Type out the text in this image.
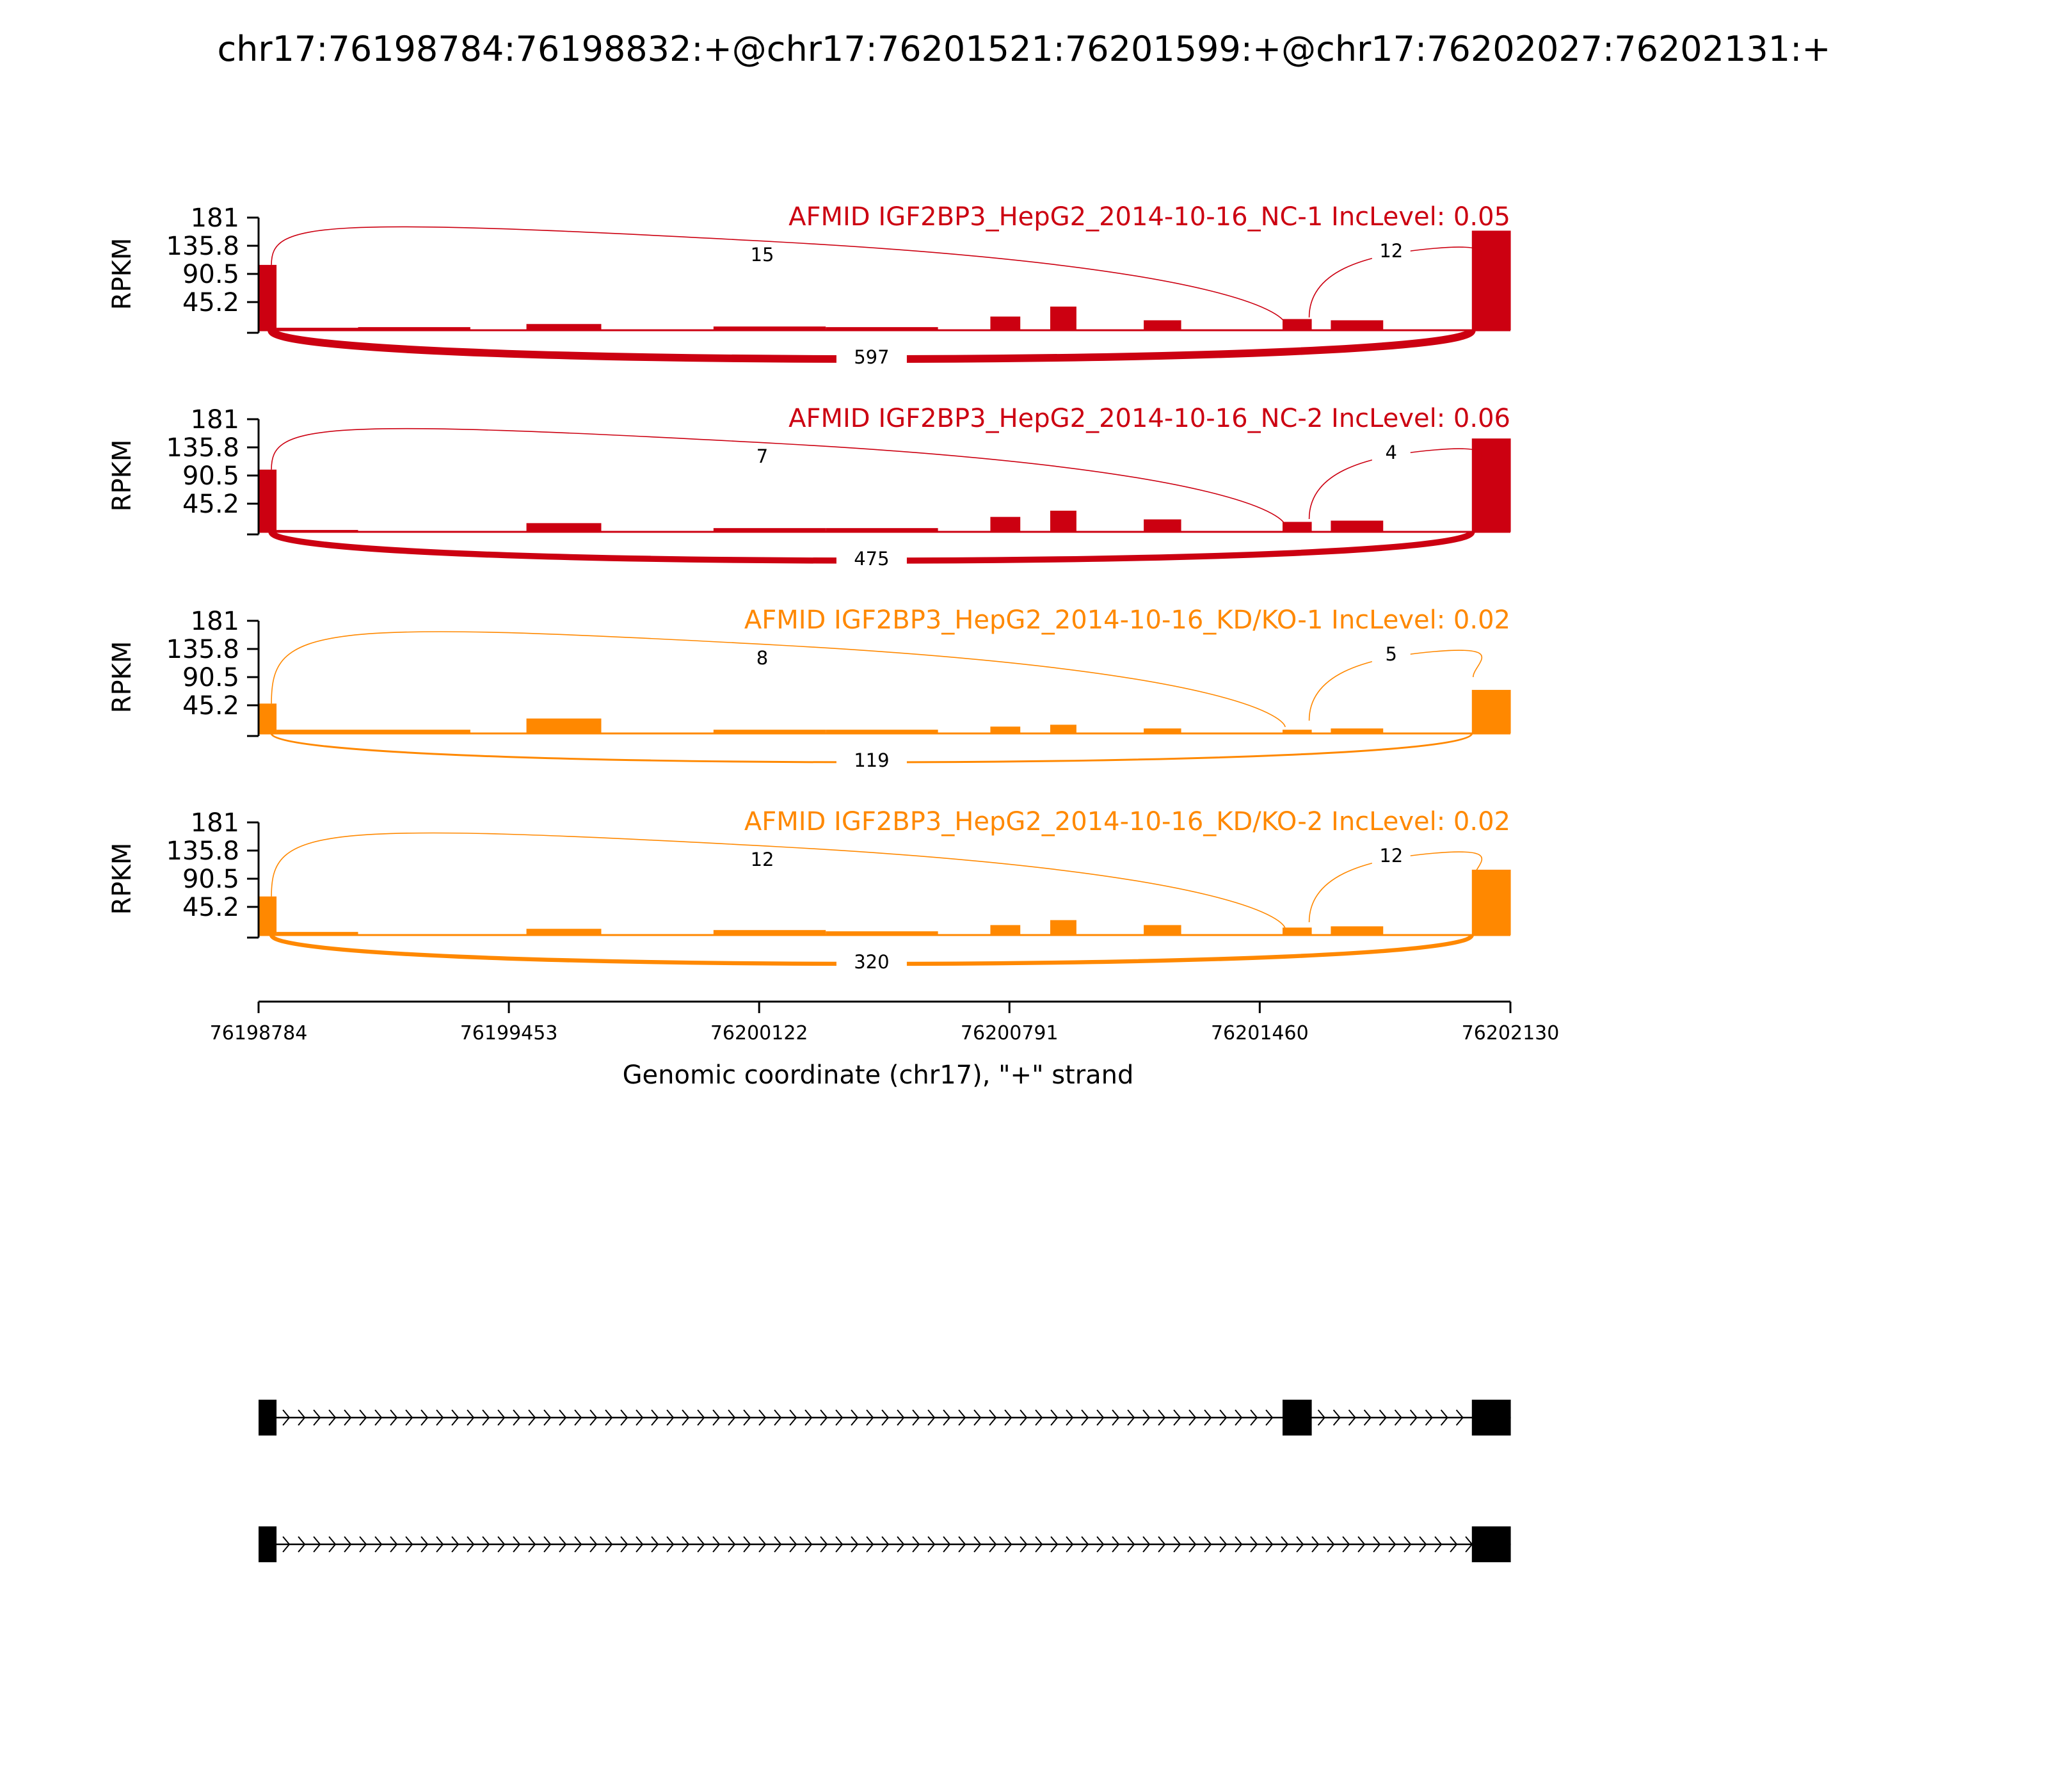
chr17:76198784:76198832:+@chr17:76201521:76201599:+@chr17:76202027:76202131:+
181
135.8
90.5
45.2
RPKM
AFMID IGF2BP3_HepG2_2014-10-16_NC-1 IncLevel: 0.05
15	12
597
181
135.8
90.5
45.2
RPKM
AFMID IGF2BP3_HepG2_2014-10-16_NC-2 IncLevel: 0.06
7	4
475
181
135.8
90.5
45.2
RPKM
AFMID IGF2BP3_HepG2_2014-10-16_KD/KO-1 IncLevel: 0.02
8	5
119
181
135.8
90.5
45.2
RPKM
AFMID IGF2BP3_HepG2_2014-10-16_KD/KO-2 IncLevel: 0.02
12	12
320
76198784	76199453	76200122	76200791	76201460	76202130
Genomic coordinate (chr17), "+" strand
